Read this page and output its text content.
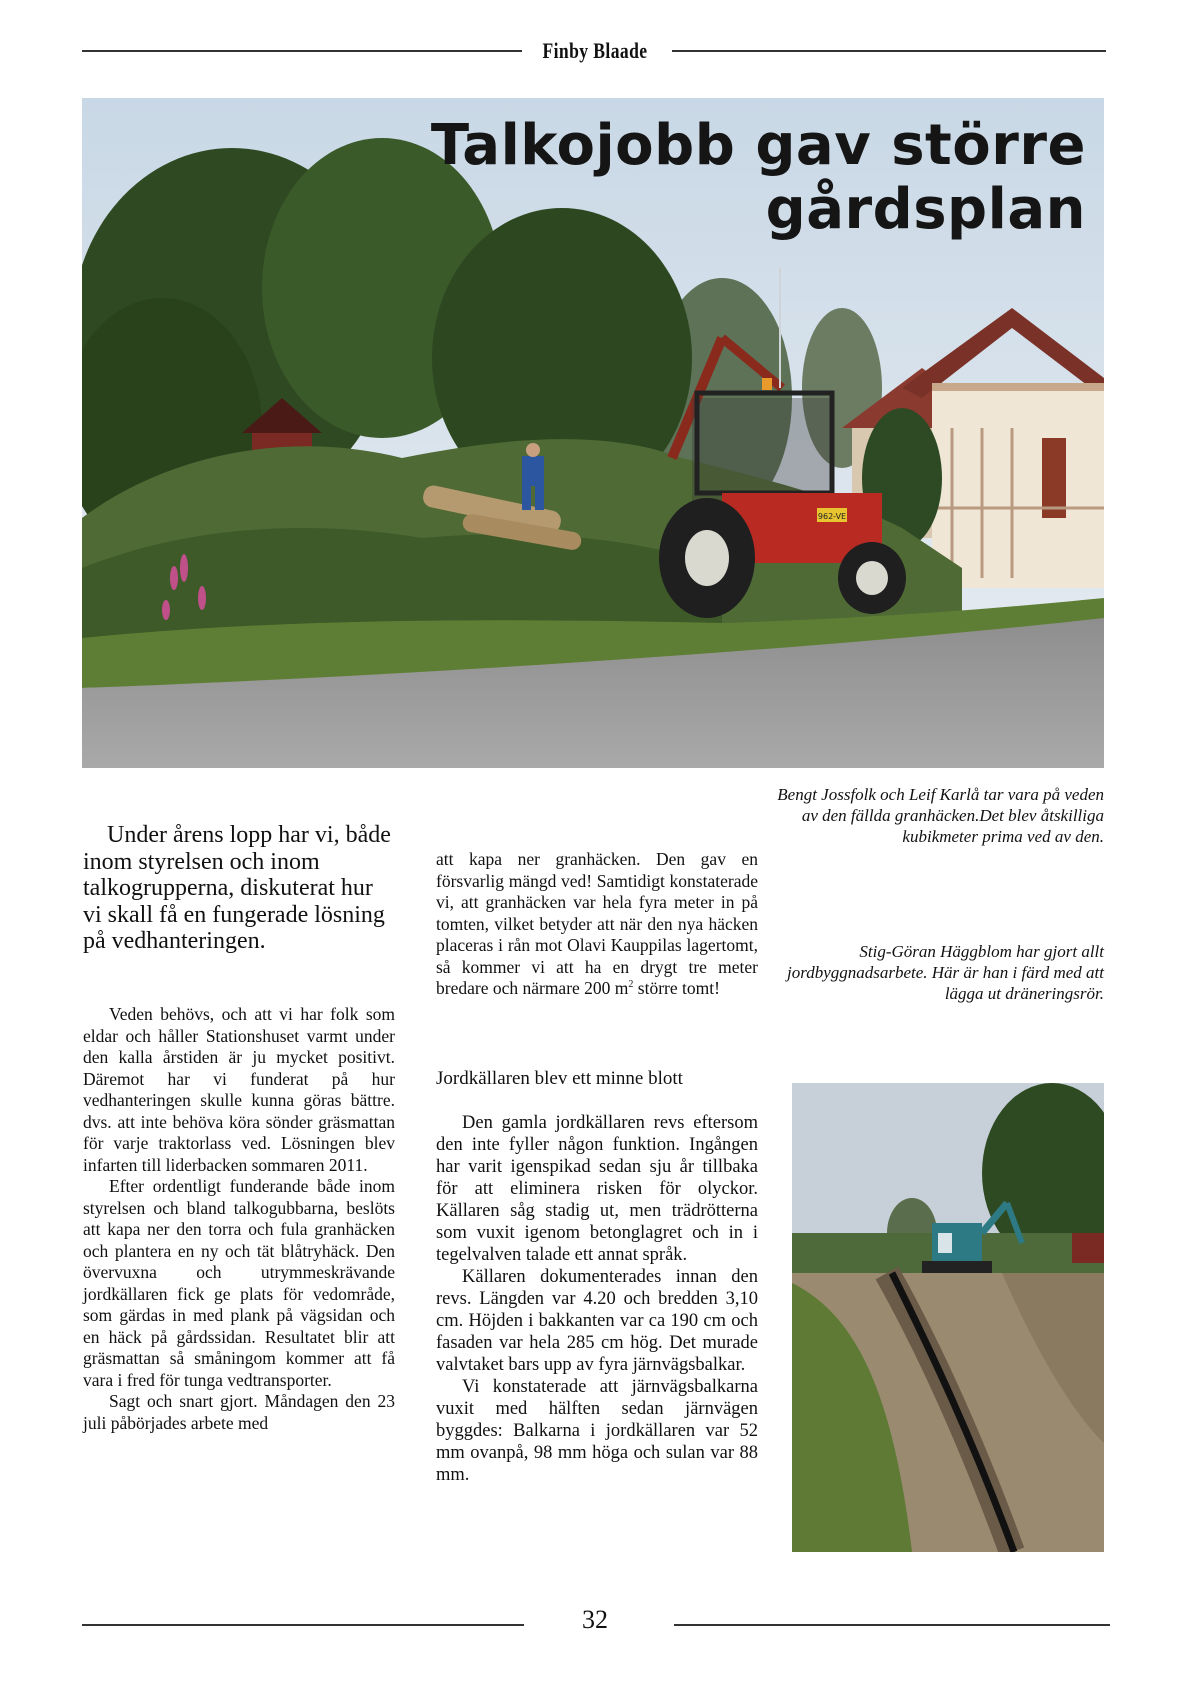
Finby Blaade
962-VE
Talkojobb gav större
gårdsplan
Bengt Jossfolk och Leif Karlå tar vara på veden av den fällda granhäcken.Det blev åtskilliga kubikmeter prima ved av den.
Under årens lopp har vi, både inom styrelsen och inom talkogrupperna, diskuterat hur vi skall få en fungerade lösning på vedhanteringen.

Veden behövs, och att vi har folk som eldar och håller Stationshuset varmt under den kalla årstiden är ju mycket positivt. Däremot har vi funderat på hur vedhanteringen skulle kunna göras bättre. dvs. att inte behöva köra sönder gräsmattan för varje traktorlass ved. Lösningen blev infarten till liderbacken sommaren 2011.

Efter ordentligt funderande både inom styrelsen och bland talkogubbarna, beslöts att kapa ner den torra och fula granhäcken och plantera en ny och tät blåtryhäck. Den övervuxna och utrymmeskrävande jordkällaren fick ge plats för vedområde, som gärdas in med plank på vägsidan och en häck på gårdssidan. Resultatet blir att gräsmattan så småningom kommer att få vara i fred för tunga vedtransporter.

Sagt och snart gjort. Måndagen den 23 juli påbörjades arbete med

att kapa ner granhäcken. Den gav en försvarlig mängd ved! Samtidigt konstaterade vi, att granhäcken var hela fyra meter in på tomten, vilket betyder att när den nya häcken placeras i rån mot Olavi Kauppilas lagertomt, så kommer vi att ha en drygt tre meter bredare och närmare 200 $m^2$ större tomt!

Jordkällaren blev ett minne blott

Den gamla jordkällaren revs eftersom den inte fyller någon funktion. Ingången har varit igenspikad sedan sju år tillbaka för att eliminera risken för olyckor. Källaren såg stadig ut, men trädrötterna som vuxit igenom betonglagret och in i tegelvalven talade ett annat språk.

Källaren dokumenterades innan den revs. Längden var 4.20 och bredden 3,10 cm. Höjden i bakkanten var ca 190 cm och fasaden var hela 285 cm hög. Det murade valvtaket bars upp av fyra järnvägsbalkar.

Vi konstaterade att järnvägsbalkarna vuxit med hälften sedan järnvägen byggdes: Balkarna i jordkällaren var 52 mm ovanpå, 98 mm höga och sulan var 88 mm.

Stig-Göran Häggblom har gjort allt jordbyggnadsarbete. Här är han i färd med att lägga ut dräneringsrör.
32
